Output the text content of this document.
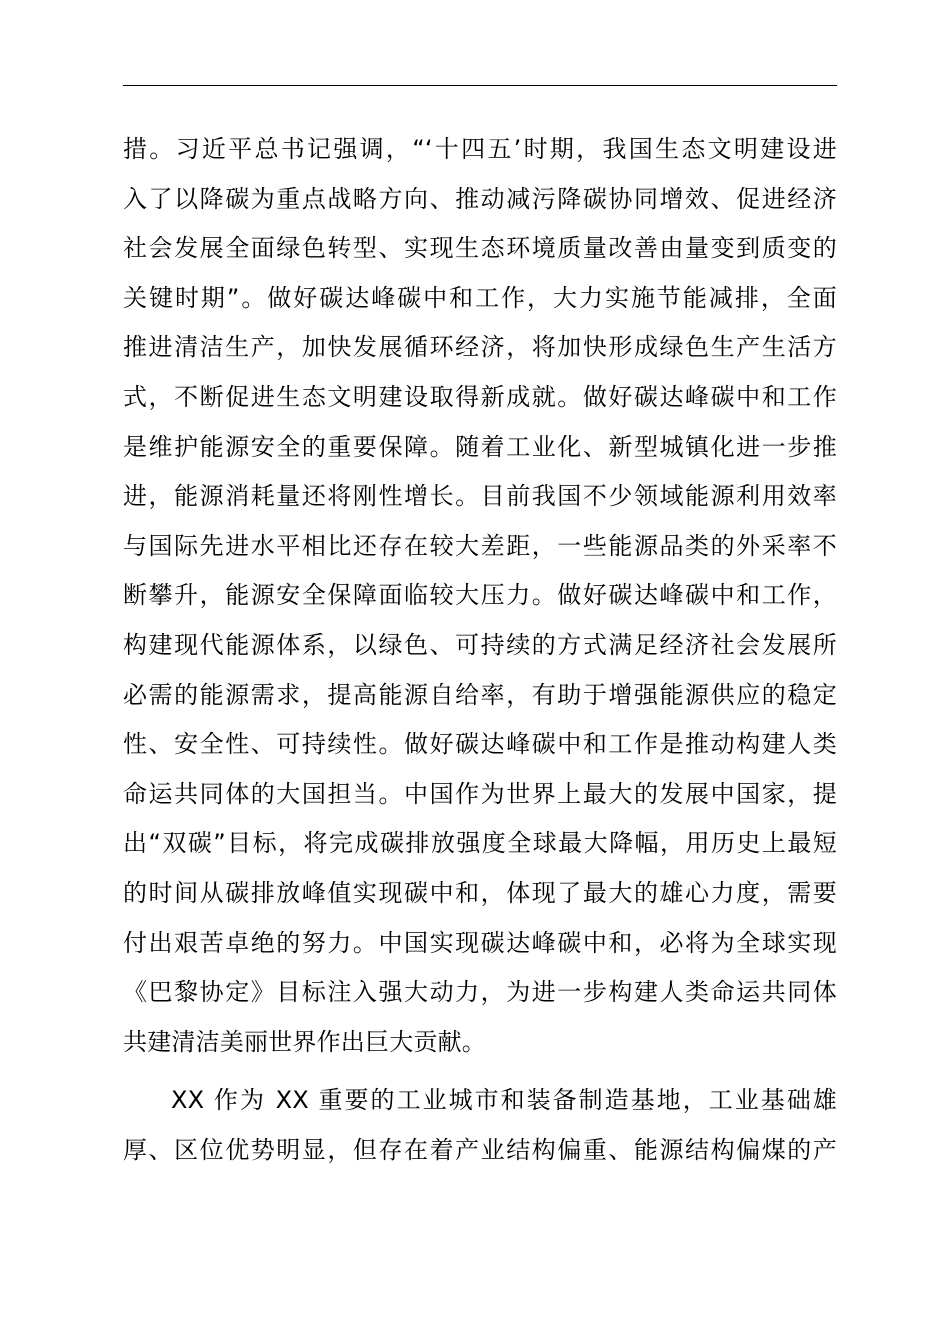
措。习近平总书记强调，“‘十四五’时期，我国生态文明建设进
入了以降碳为重点战略方向、推动减污降碳协同增效、促进经济
社会发展全面绿色转型、实现生态环境质量改善由量变到质变的
关键时期”。做好碳达峰碳中和工作，大力实施节能减排，全面
推进清洁生产，加快发展循环经济，将加快形成绿色生产生活方
式，不断促进生态文明建设取得新成就。做好碳达峰碳中和工作
是维护能源安全的重要保障。随着工业化、新型城镇化进一步推
进，能源消耗量还将刚性增长。目前我国不少领域能源利用效率
与国际先进水平相比还存在较大差距，一些能源品类的外采率不
断攀升，能源安全保障面临较大压力。做好碳达峰碳中和工作，
构建现代能源体系，以绿色、可持续的方式满足经济社会发展所
必需的能源需求，提高能源自给率，有助于增强能源供应的稳定
性、安全性、可持续性。做好碳达峰碳中和工作是推动构建人类
命运共同体的大国担当。中国作为世界上最大的发展中国家，提
出“双碳”目标，将完成碳排放强度全球最大降幅，用历史上最短
的时间从碳排放峰值实现碳中和，体现了最大的雄心力度，需要
付出艰苦卓绝的努力。中国实现碳达峰碳中和，必将为全球实现
《巴黎协定》目标注入强大动力，为进一步构建人类命运共同体
共建清洁美丽世界作出巨大贡献。
XX 作为 XX 重要的工业城市和装备制造基地，工业基础雄
厚、区位优势明显，但存在着产业结构偏重、能源结构偏煤的产
